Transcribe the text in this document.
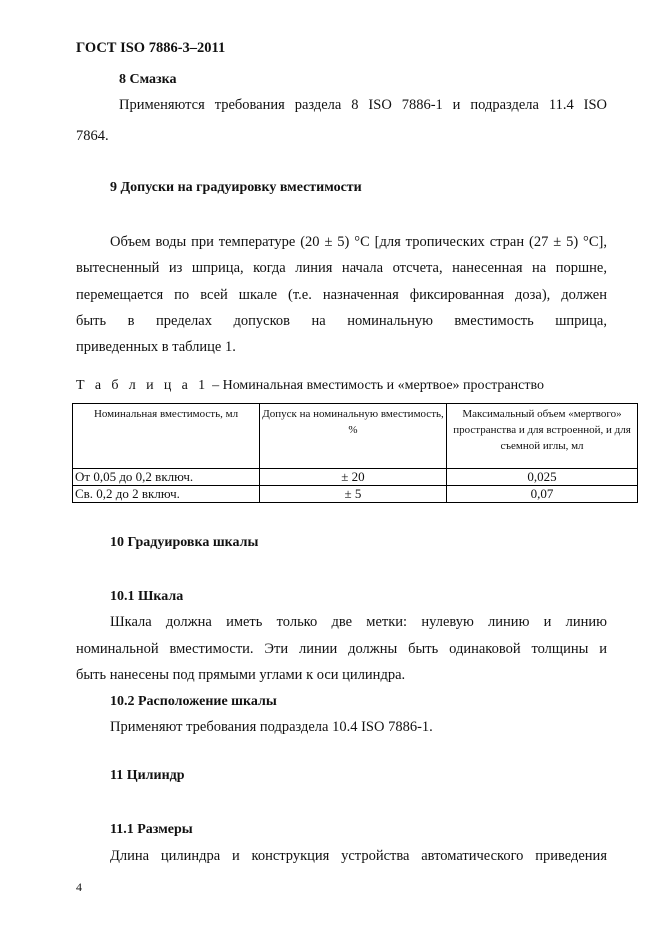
ГОСТ ISO 7886-3–2011
8 Смазка
Применяются требования раздела 8 ISO 7886-1 и подраздела 11.4 ISO
7864.
9 Допуски на градуировку вместимости
Объем воды при температуре (20 ± 5) °С [для тропических стран (27 ± 5) °С],
вытесненный из шприца, когда линия начала отсчета, нанесенная на поршне,
перемещается по всей шкале (т.е. назначенная фиксированная доза), должен
быть в пределах допусков на номинальную вместимость шприца,
приведенных в таблице 1.
Т а б л и ц а 1 – Номинальная вместимость и «мертвое» пространство
Номинальная вместимость, мл	Допуск на номинальную вместимость, %	Максимальный объем «мертвого» пространства и для встроенной, и для съемной иглы, мл
От 0,05 до 0,2 включ.	± 20	0,025
Св. 0,2 до 2 включ.	± 5	0,07
10 Градуировка шкалы
10.1 Шкала
Шкала должна иметь только две метки: нулевую линию и линию
номинальной вместимости. Эти линии должны быть одинаковой толщины и
быть нанесены под прямыми углами к оси цилиндра.
10.2 Расположение шкалы
Применяют требования подраздела 10.4 ISO 7886-1.
11 Цилиндр
11.1 Размеры
Длина цилиндра и конструкция устройства автоматического приведения
4
